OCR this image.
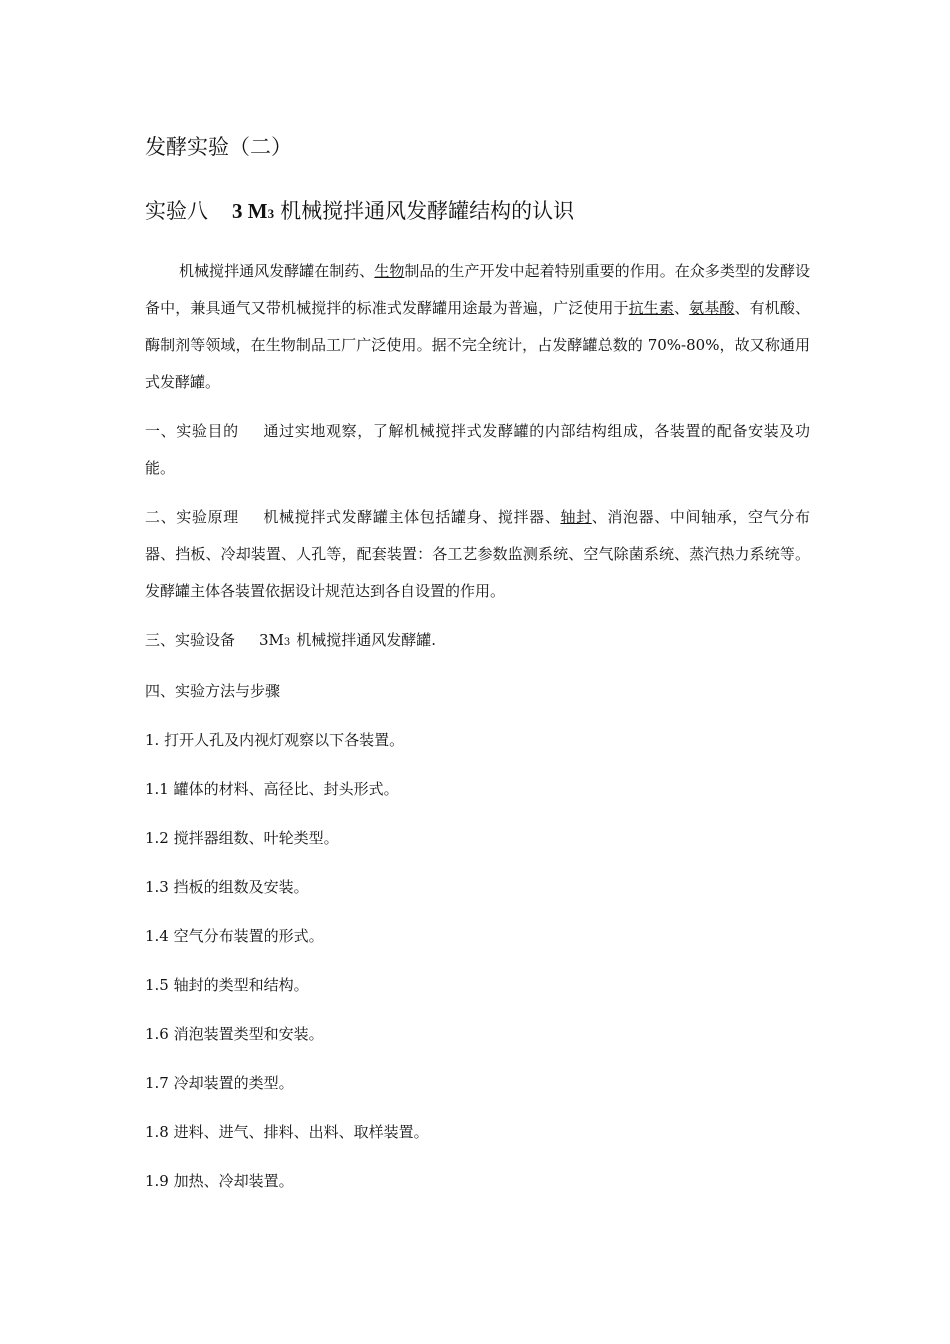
发酵实验（二）
实验八 3 M3 机械搅拌通风发酵罐结构的认识

机械搅拌通风发酵罐在制药、生物制品的生产开发中起着特别重要的作用。在众多类型的发酵设备中，兼具通气又带机械搅拌的标准式发酵罐用途最为普遍，广泛使用于抗生素、氨基酸、有机酸、酶制剂等领域，在生物制品工厂广泛使用。据不完全统计，占发酵罐总数的 70%-80%，故又称通用式发酵罐。

一、实验目的 通过实地观察，了解机械搅拌式发酵罐的内部结构组成，各装置的配备安装及功能。

二、实验原理 机械搅拌式发酵罐主体包括罐身、搅拌器、轴封、消泡器、中间轴承，空气分布器、挡板、冷却装置、人孔等，配套装置：各工艺参数监测系统、空气除菌系统、蒸汽热力系统等。发酵罐主体各装置依据设计规范达到各自设置的作用。

三、实验设备 3M3 机械搅拌通风发酵罐.
四、实验方法与步骤
1. 打开人孔及内视灯观察以下各装置。
1.1 罐体的材料、高径比、封头形式。
1.2 搅拌器组数、叶轮类型。
1.3 挡板的组数及安装。
1.4 空气分布装置的形式。
1.5 轴封的类型和结构。
1.6 消泡装置类型和安装。
1.7 冷却装置的类型。
1.8 进料、进气、排料、出料、取样装置。
1.9 加热、冷却装置。
